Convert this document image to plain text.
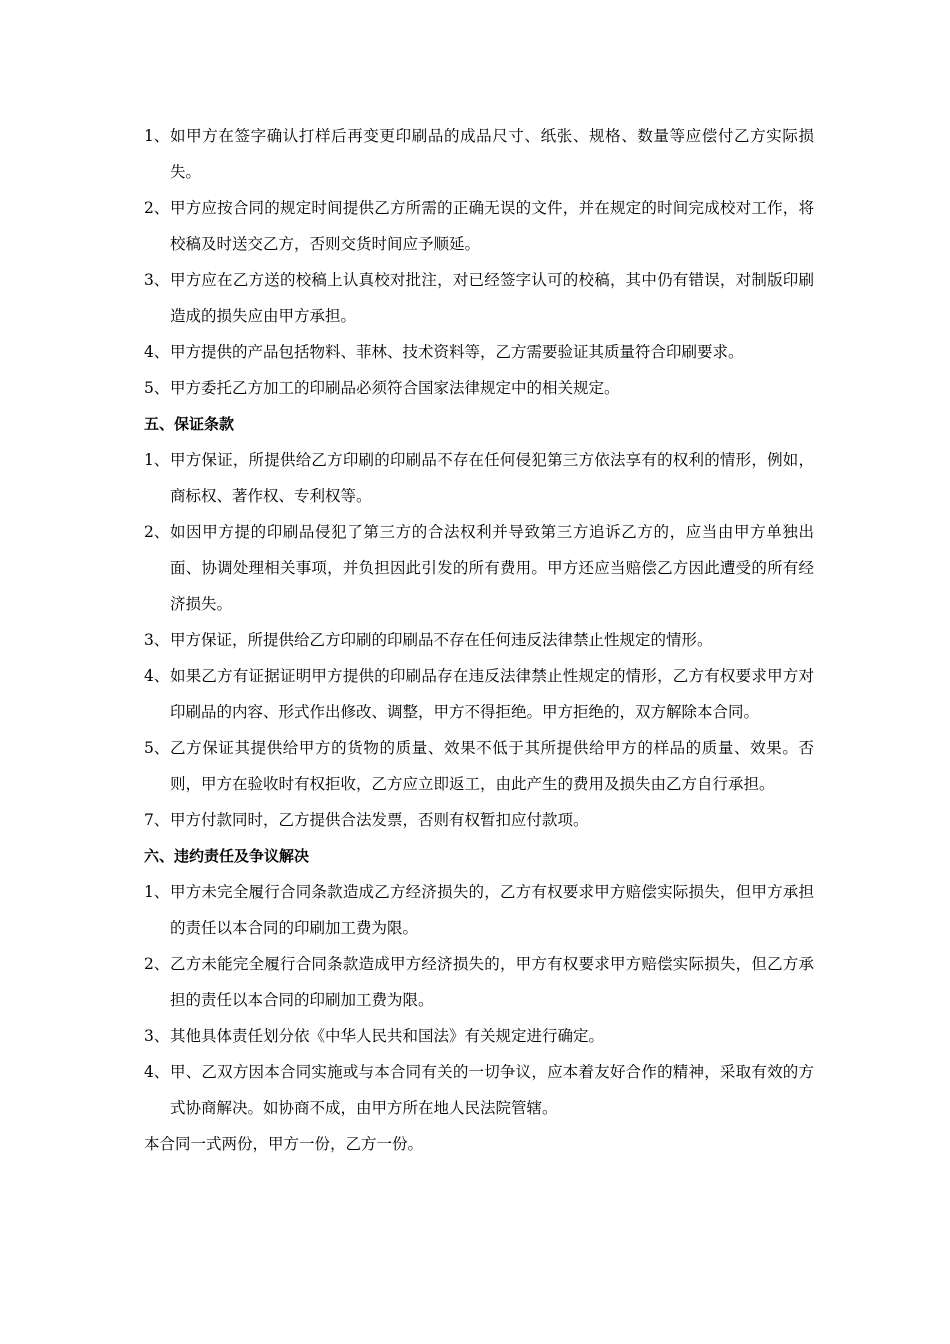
1、 如甲方在签字确认打样后再变更印刷品的成品尺寸、纸张、规格、数量等应偿付乙方实际损失。
2、 甲方应按合同的规定时间提供乙方所需的正确无误的文件，并在规定的时间完成校对工作，将校稿及时送交乙方，否则交货时间应予顺延。
3、 甲方应在乙方送的校稿上认真校对批注，对已经签字认可的校稿，其中仍有错误，对制版印刷造成的损失应由甲方承担。
4、 甲方提供的产品包括物料、菲林、技术资料等，乙方需要验证其质量符合印刷要求。
5、 甲方委托乙方加工的印刷品必须符合国家法律规定中的相关规定。
五、保证条款
1、 甲方保证，所提供给乙方印刷的印刷品不存在任何侵犯第三方依法享有的权利的情形，例如，商标权、著作权、专利权等。
2、 如因甲方提的印刷品侵犯了第三方的合法权利并导致第三方追诉乙方的，应当由甲方单独出面、协调处理相关事项，并负担因此引发的所有费用。甲方还应当赔偿乙方因此遭受的所有经济损失。
3、 甲方保证，所提供给乙方印刷的印刷品不存在任何违反法律禁止性规定的情形。
4、 如果乙方有证据证明甲方提供的印刷品存在违反法律禁止性规定的情形，乙方有权要求甲方对印刷品的内容、形式作出修改、调整，甲方不得拒绝。甲方拒绝的，双方解除本合同。
5、 乙方保证其提供给甲方的货物的质量、效果不低于其所提供给甲方的样品的质量、效果。否则，甲方在验收时有权拒收，乙方应立即返工，由此产生的费用及损失由乙方自行承担。
7、 甲方付款同时，乙方提供合法发票，否则有权暂扣应付款项。
六、违约责任及争议解决
1、 甲方未完全履行合同条款造成乙方经济损失的，乙方有权要求甲方赔偿实际损失，但甲方承担的责任以本合同的印刷加工费为限。
2、 乙方未能完全履行合同条款造成甲方经济损失的，甲方有权要求甲方赔偿实际损失，但乙方承担的责任以本合同的印刷加工费为限。
3、 其他具体责任划分依《中华人民共和国法》有关规定进行确定。
4、 甲、乙双方因本合同实施或与本合同有关的一切争议，应本着友好合作的精神，采取有效的方式协商解决。如协商不成，由甲方所在地人民法院管辖。
本合同一式两份，甲方一份，乙方一份。
